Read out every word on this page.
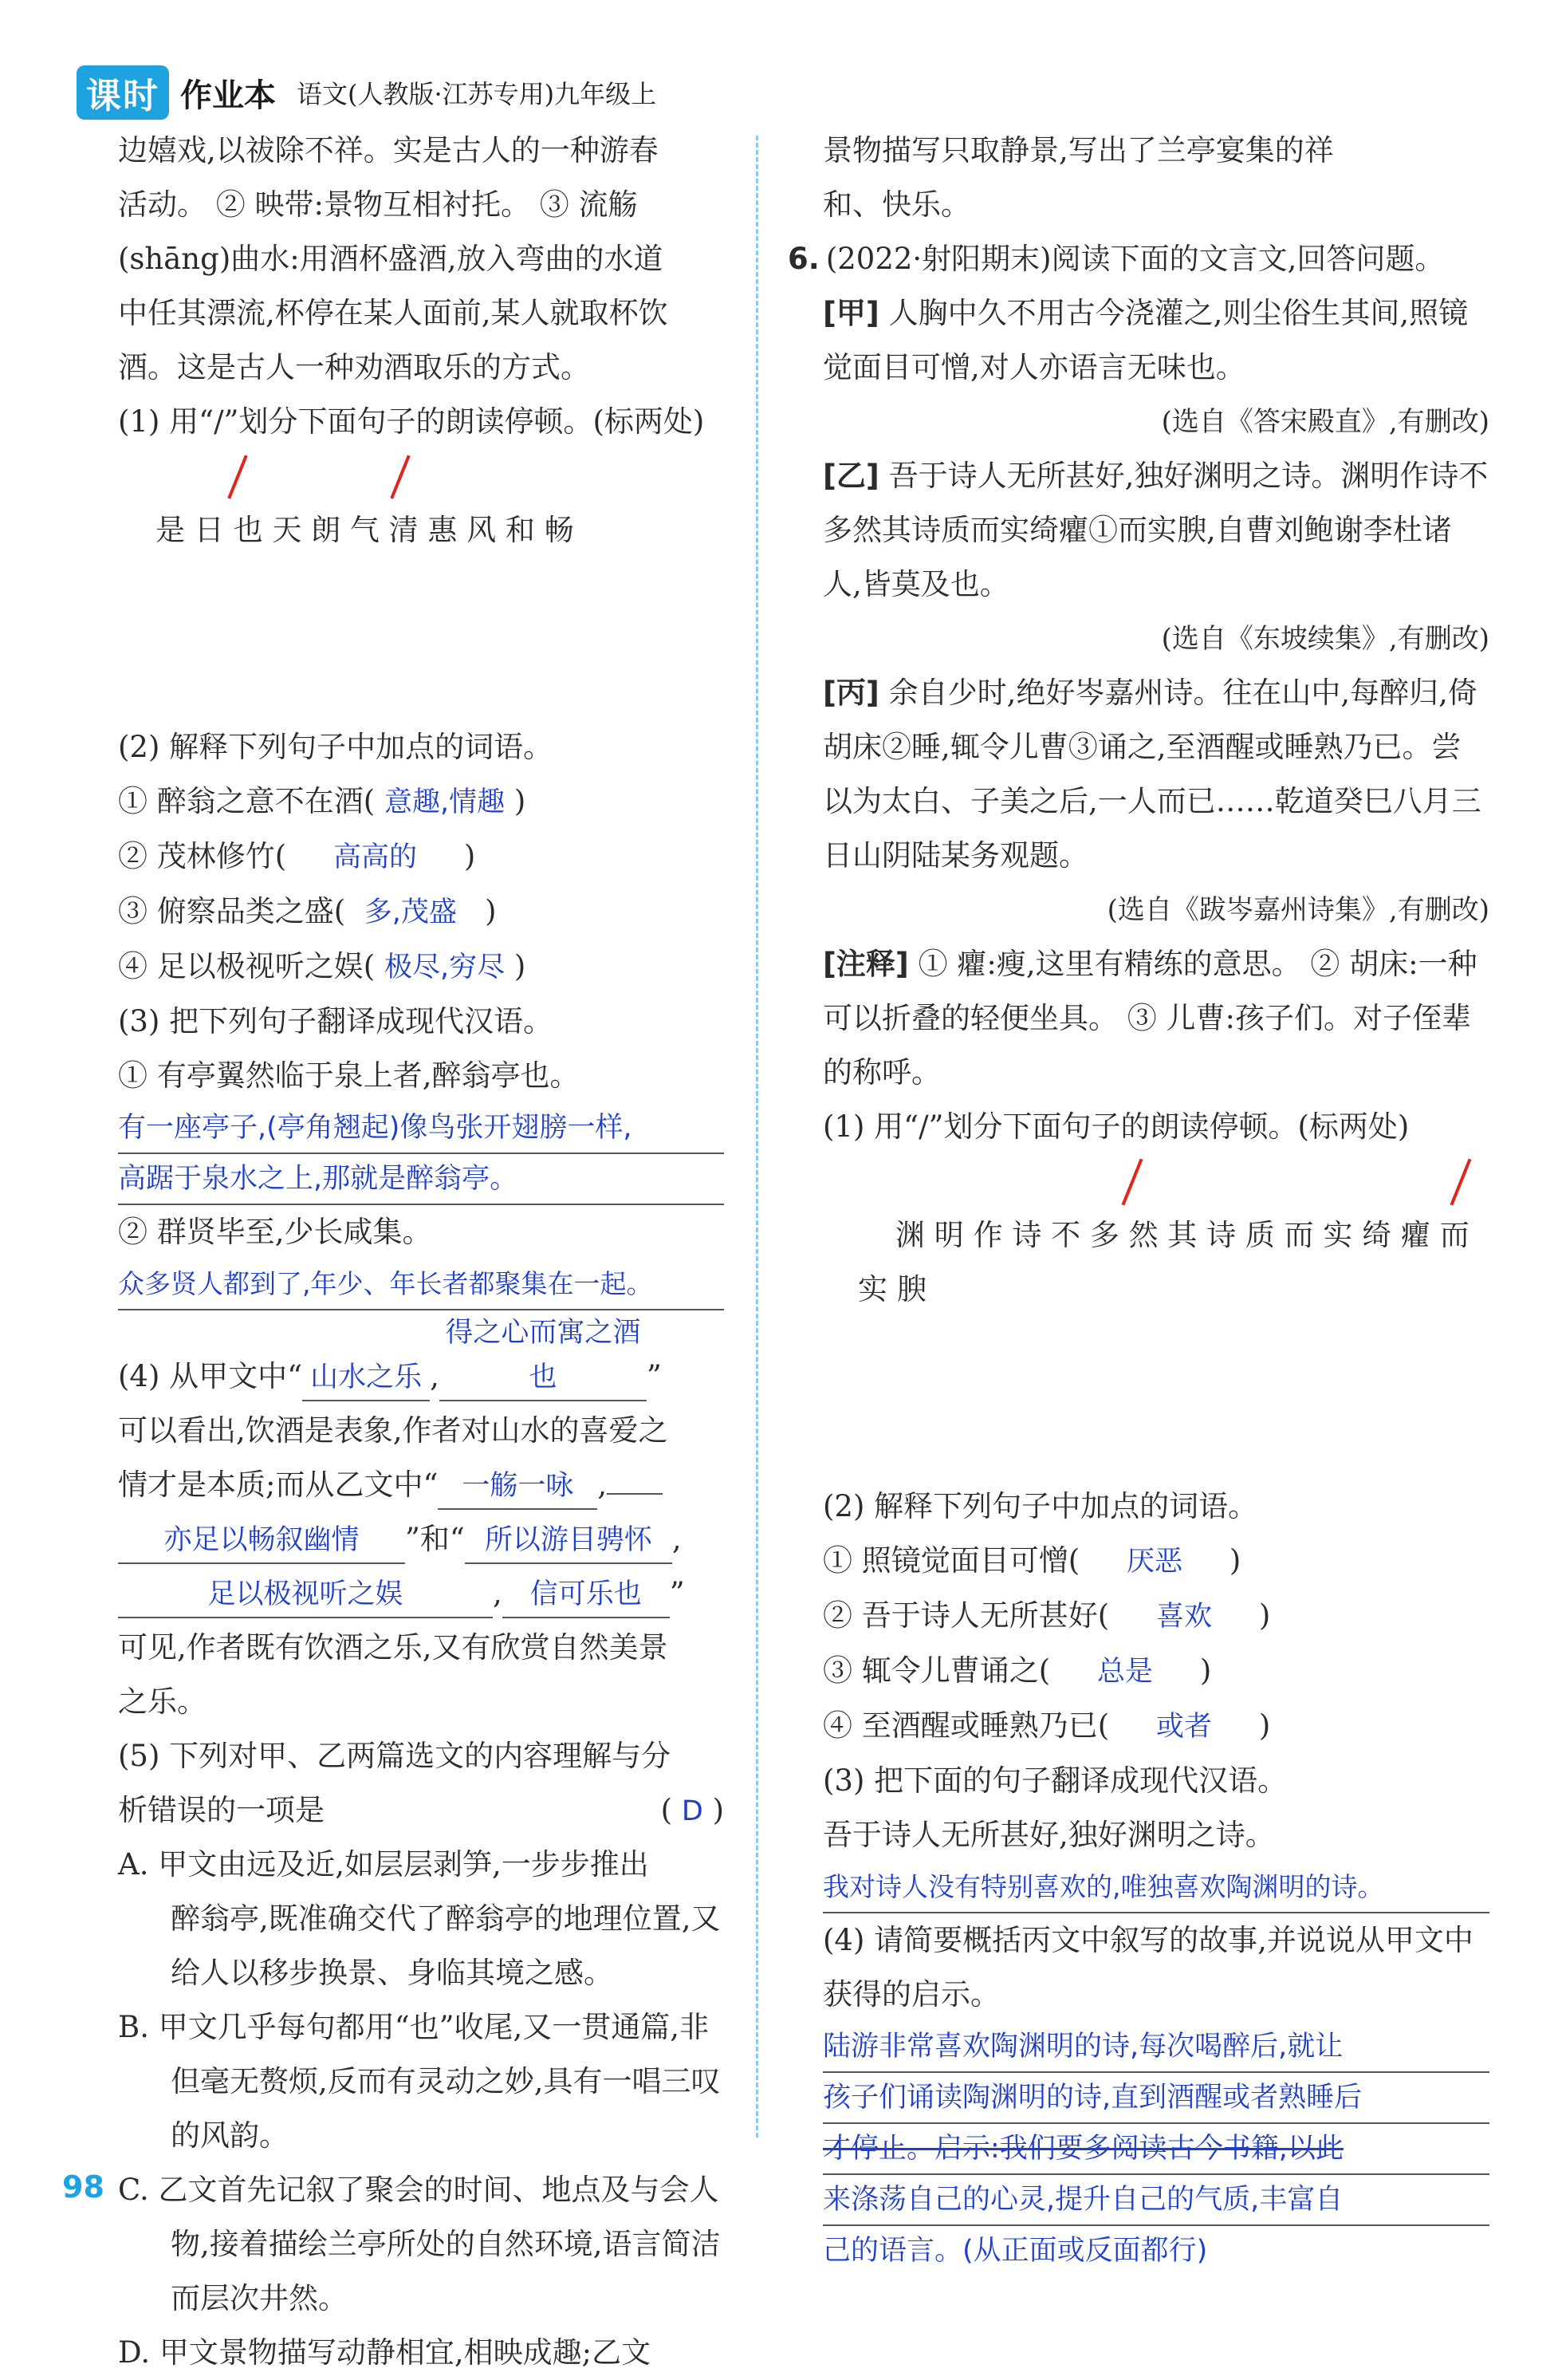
课时 作业本 语文(人教版·江苏专用)九年级上
边嬉戏,以祓除不祥。实是古人的一种游春
活动。 ② 映带:景物互相衬托。 ③ 流觞
(shāng)曲水:用酒杯盛酒,放入弯曲的水道
中任其漂流,杯停在某人面前,某人就取杯饮
酒。这是古人一种劝酒取乐的方式。
(1) 用“/”划分下面句子的朗读停顿。(标两处)

是 日 也 天 朗 气 清 惠 风 和 畅

(2) 解释下列句子中加点的词语。
① 醉翁之意不在酒( 意趣,情趣 )
② 茂林修竹( 高高的 )
③ 俯察品类之盛( 多,茂盛 )
④ 足以极视听之娱( 极尽,穷尽 )
(3) 把下列句子翻译成现代汉语。
① 有亭翼然临于泉上者,醉翁亭也。
有一座亭子,(亭角翘起)像鸟张开翅膀一样,
高踞于泉水之上,那就是醉翁亭。
② 群贤毕至,少长咸集。
众多贤人都到了,年少、年长者都聚集在一起。
(4) 从甲文中“ 山水之乐 ,得之心而寓之酒也	”
可以看出,饮酒是表象,作者对山水的喜爱之
情才是本质;而从乙文中“ 一觞一咏 ,
亦足以畅叙幽情 ”和“ 所以游目骋怀 ,
足以极视听之娱	, 信可乐也 ”
可见,作者既有饮酒之乐,又有欣赏自然美景
之乐。
(5) 下列对甲、乙两篇选文的内容理解与分
析错误的一项是	( D )
A. 甲文由远及近,如层层剥笋,一步步推出醉翁亭,既准确交代了醉翁亭的地理位置,又给人以移步换景、身临其境之感。
B. 甲文几乎每句都用“也”收尾,又一贯通篇,非但毫无赘烦,反而有灵动之妙,具有一唱三叹的风韵。
C. 乙文首先记叙了聚会的时间、地点及与会人物,接着描绘兰亭所处的自然环境,语言简洁而层次井然。
D. 甲文景物描写动静相宜,相映成趣;乙文
景物描写只取静景,写出了兰亭宴集的祥
和、快乐。
6. (2022·射阳期末)阅读下面的文言文,回答问题。
[甲] 人胸中久不用古今浇灌之,则尘俗生其间,照镜觉面目可憎,对人亦语言无味也。
(选自《答宋殿直》,有删改)
[乙] 吾于诗人无所甚好,独好渊明之诗。渊明作诗不多然其诗质而实绮癯①而实腴,自曹刘鲍谢李杜诸人,皆莫及也。
(选自《东坡续集》,有删改)
[丙] 余自少时,绝好岑嘉州诗。往在山中,每醉归,倚胡床②睡,辄令儿曹③诵之,至酒醒或睡熟乃已。尝以为太白、子美之后,一人而已……乾道癸巳八月三日山阴陆某务观题。
(选自《跋岑嘉州诗集》,有删改)
[注释] ① 癯:瘦,这里有精练的意思。 ② 胡床:一种可以折叠的轻便坐具。 ③ 儿曹:孩子们。对子侄辈的称呼。
(1) 用“/”划分下面句子的朗读停顿。(标两处)

渊 明 作 诗 不 多 然 其 诗 质 而 实 绮 癯 而 实 腴

(2) 解释下列句子中加点的词语。
① 照镜觉面目可憎( 厌恶 )
② 吾于诗人无所甚好( 喜欢 )
③ 辄令儿曹诵之( 总是 )
④ 至酒醒或睡熟乃已( 或者 )
(3) 把下面的句子翻译成现代汉语。
吾于诗人无所甚好,独好渊明之诗。
我对诗人没有特别喜欢的,唯独喜欢陶渊明的诗。
(4) 请简要概括丙文中叙写的故事,并说说从甲文中获得的启示。
陆游非常喜欢陶渊明的诗,每次喝醉后,就让
孩子们诵读陶渊明的诗,直到酒醒或者熟睡后
才停止。启示:我们要多阅读古今书籍,以此
来涤荡自己的心灵,提升自己的气质,丰富自
己的语言。(从正面或反面都行)
98
